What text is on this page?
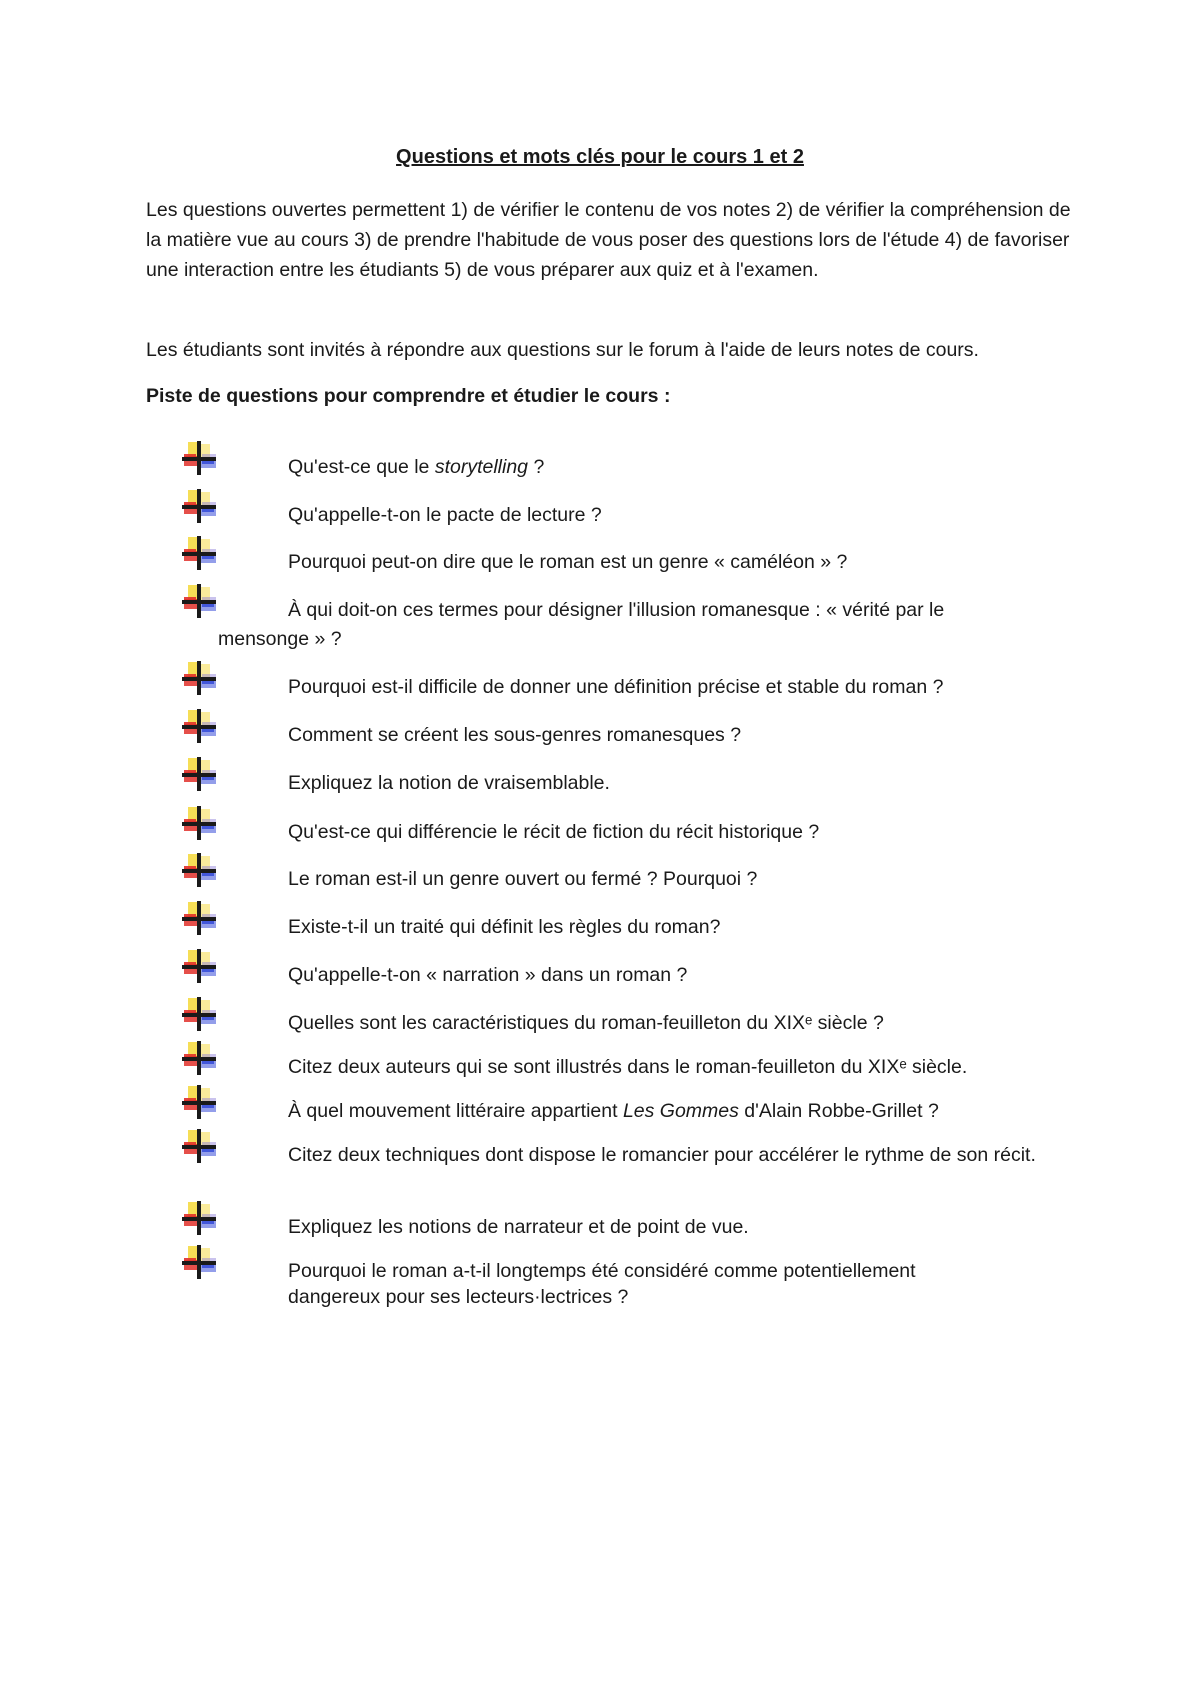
Questions et mots clés pour le cours 1 et 2

Les questions ouvertes permettent 1) de vérifier le contenu de vos notes 2) de vérifier la compréhension de la matière vue au cours 3) de prendre l'habitude de vous poser des questions lors de l'étude 4) de favoriser une interaction entre les étudiants 5) de vous préparer aux quiz et à l'examen.

Les étudiants sont invités à répondre aux questions sur le forum à l'aide de leurs notes de cours.

Piste de questions pour comprendre et étudier le cours :
Qu'est-ce que le storytelling ?
Qu'appelle-t-on le pacte de lecture ?
Pourquoi peut-on dire que le roman est un genre « caméléon » ?
À qui doit-on ces termes pour désigner l'illusion romanesque : « vérité par le
mensonge » ?
Pourquoi est-il difficile de donner une définition précise et stable du roman ?
Comment se créent les sous-genres romanesques ?
Expliquez la notion de vraisemblable.
Qu'est-ce qui différencie le récit de fiction du récit historique ?
Le roman est-il un genre ouvert ou fermé ? Pourquoi ?
Existe-t-il un traité qui définit les règles du roman?
Qu'appelle-t-on « narration » dans un roman ?
Quelles sont les caractéristiques du roman-feuilleton du XIXᵉ siècle ?
Citez deux auteurs qui se sont illustrés dans le roman-feuilleton du XIXᵉ siècle.
À quel mouvement littéraire appartient Les Gommes d'Alain Robbe-Grillet ?
Citez deux techniques dont dispose le romancier pour accélérer le rythme de son récit.
Expliquez les notions de narrateur et de point de vue.
Pourquoi le roman a-t-il longtemps été considéré comme potentiellement dangereux pour ses lecteurs·lectrices ?
